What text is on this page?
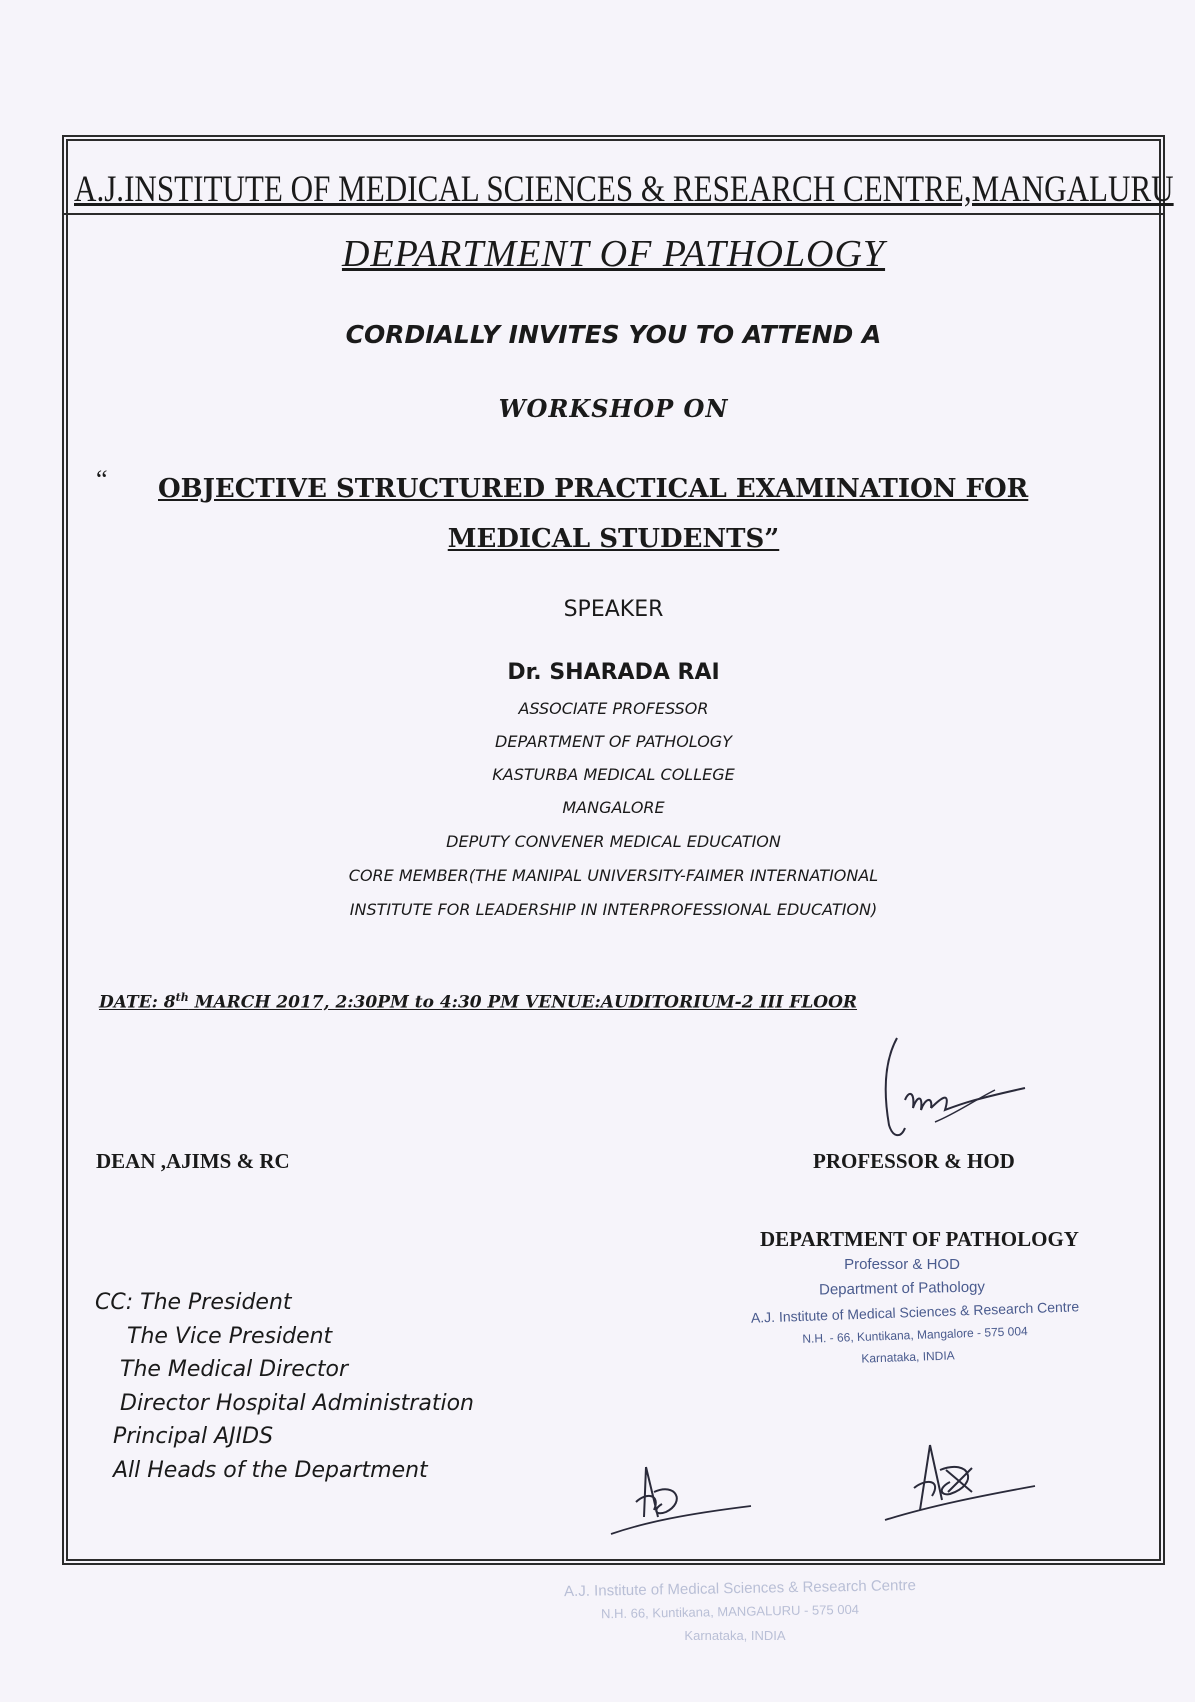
A.J.INSTITUTE OF MEDICAL SCIENCES & RESEARCH CENTRE,MANGALURU
DEPARTMENT OF PATHOLOGY
CORDIALLY INVITES YOU TO ATTEND A
WORKSHOP ON
“ OBJECTIVE STRUCTURED PRACTICAL EXAMINATION FOR
MEDICAL STUDENTS”
SPEAKER
Dr. SHARADA RAI
ASSOCIATE PROFESSOR
DEPARTMENT OF PATHOLOGY
KASTURBA MEDICAL COLLEGE
MANGALORE
DEPUTY CONVENER MEDICAL EDUCATION
CORE MEMBER(THE MANIPAL UNIVERSITY-FAIMER INTERNATIONAL
INSTITUTE FOR LEADERSHIP IN INTERPROFESSIONAL EDUCATION)
DATE: 8th MARCH 2017, 2:30PM to 4:30 PM VENUE:AUDITORIUM-2 III FLOOR
DEAN ,AJIMS & RC	PROFESSOR & HOD
DEPARTMENT OF PATHOLOGY
Professor & HOD
Department of Pathology
A.J. Institute of Medical Sciences & Research Centre
N.H. - 66, Kuntikana, Mangalore - 575 004
Karnataka, INDIA
CC: The President
The Vice President
The Medical Director
Director Hospital Administration
Principal AJIDS
All Heads of the Department
A.J. Institute of Medical Sciences & Research Centre
N.H. 66, Kuntikana, MANGALURU - 575 004
Karnataka, INDIA
